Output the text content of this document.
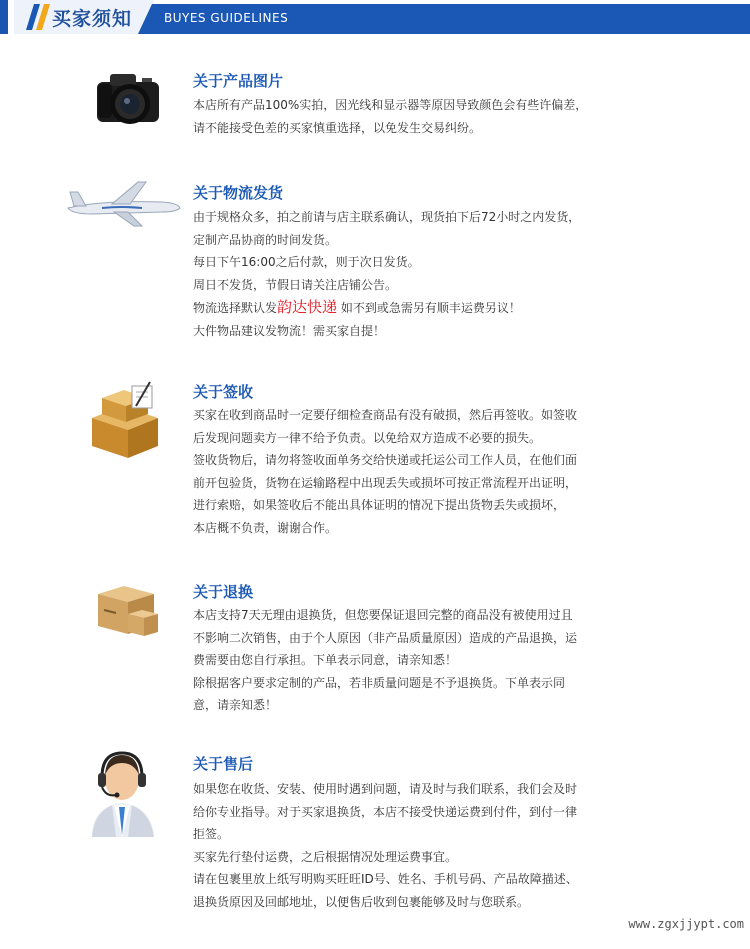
买家须知	BUYES GUIDELINES
关于产品图片

本店所有产品100%实拍，因光线和显示器等原因导致颜色会有些许偏差，

请不能接受色差的买家慎重选择，以免发生交易纠纷。

关于物流发货

由于规格众多，拍之前请与店主联系确认，现货拍下后72小时之内发货，

定制产品协商的时间发货。

每日下午16:00之后付款，则于次日发货。

周日不发货，节假日请关注店铺公告。

物流选择默认发韵达快递 如不到或急需另有顺丰运费另议！

大件物品建议发物流！需买家自提！

关于签收

买家在收到商品时一定要仔细检查商品有没有破损，然后再签收。如签收

后发现问题卖方一律不给予负责。以免给双方造成不必要的损失。

签收货物后，请勿将签收面单务交给快递或托运公司工作人员，在他们面

前开包验货，货物在运输路程中出现丢失或损坏可按正常流程开出证明，

进行索赔，如果签收后不能出具体证明的情况下提出货物丢失或损坏，

本店概不负责，谢谢合作。

关于退换

本店支持7天无理由退换货，但您要保证退回完整的商品没有被使用过且

不影响二次销售，由于个人原因（非产品质量原因）造成的产品退换，运

费需要由您自行承担。下单表示同意，请亲知悉！

除根据客户要求定制的产品，若非质量问题是不予退换货。下单表示同

意，请亲知悉！

关于售后

如果您在收货、安装、使用时遇到问题，请及时与我们联系，我们会及时

给你专业指导。对于买家退换货，本店不接受快递运费到付件，到付一律

拒签。

买家先行垫付运费，之后根据情况处理运费事宜。

请在包裹里放上纸写明购买旺旺ID号、姓名、手机号码、产品故障描述、

退换货原因及回邮地址，以便售后收到包裹能够及时与您联系。

www.zgxjjypt.com
